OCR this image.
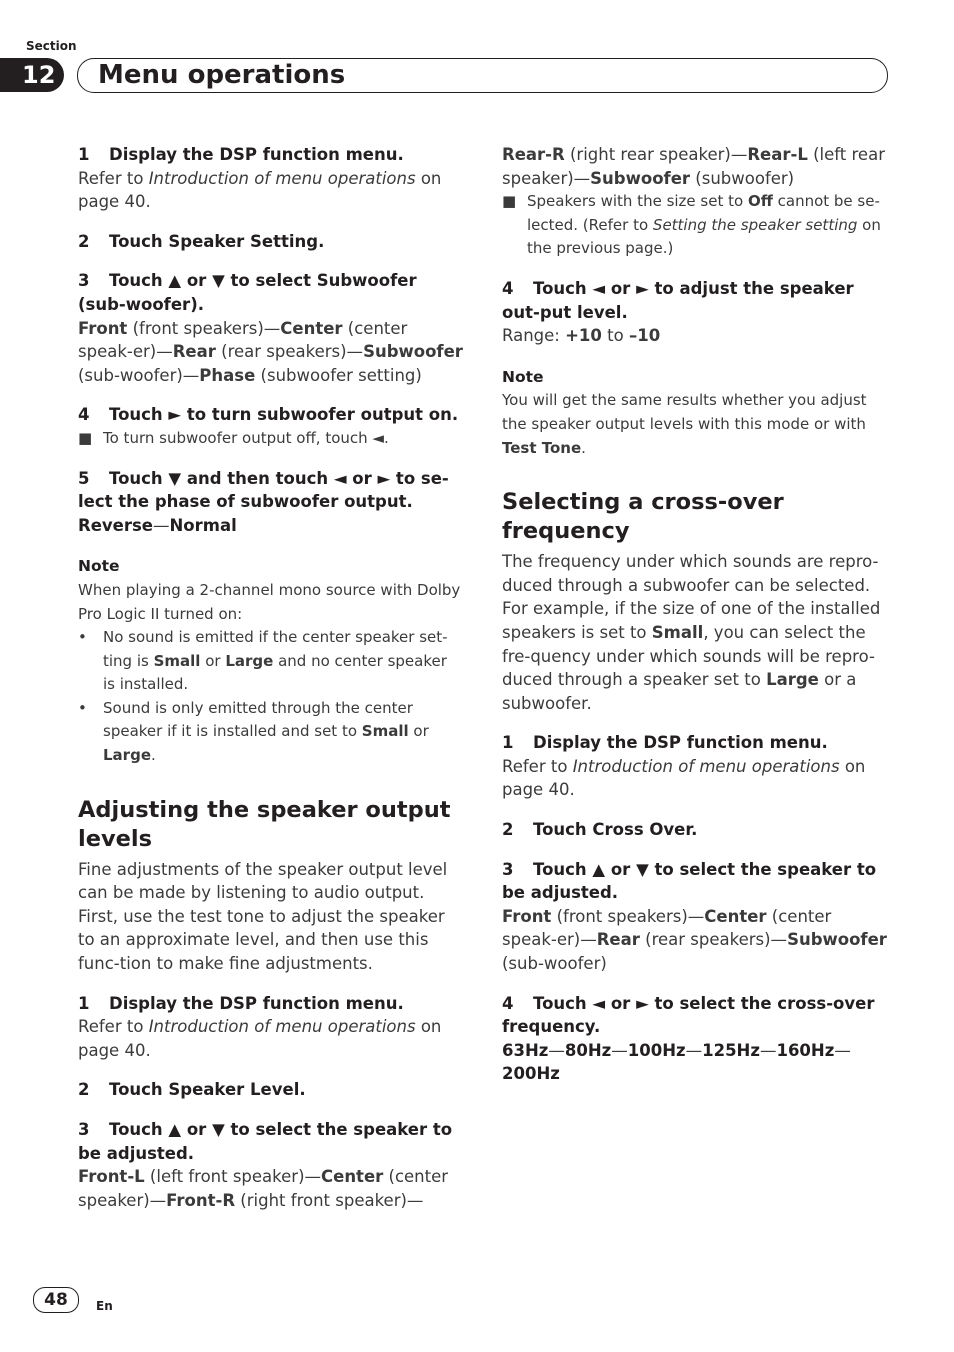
Section
12	Menu operations

1 Display the DSP function menu.

Refer to Introduction of menu operations on page 40.

2 Touch Speaker Setting.

3 Touch ▲ or ▼ to select Subwoofer (sub-woofer).

Front (front speakers)—Center (center speak-er)—Rear (rear speakers)—Subwoofer (sub-woofer)—Phase (subwoofer setting)

4 Touch ► to turn subwoofer output on.

■ To turn subwoofer output off, touch ◄.

5 Touch ▼ and then touch ◄ or ► to se-lect the phase of subwoofer output.

Reverse—Normal

Note

When playing a 2-channel mono source with Dolby Pro Logic II turned on:

• No sound is emitted if the center speaker set-ting is Small or Large and no center speaker is installed.

• Sound is only emitted through the center speaker if it is installed and set to Small or Large.

Adjusting the speaker output levels

Fine adjustments of the speaker output level can be made by listening to audio output. First, use the test tone to adjust the speaker to an approximate level, and then use this func-tion to make fine adjustments.

1 Display the DSP function menu.

Refer to Introduction of menu operations on page 40.

2 Touch Speaker Level.

3 Touch ▲ or ▼ to select the speaker to be adjusted.

Front-L (left front speaker)—Center (center speaker)—Front-R (right front speaker)—

Rear-R (right rear speaker)—Rear-L (left rear speaker)—Subwoofer (subwoofer)

■ Speakers with the size set to Off cannot be se-lected. (Refer to Setting the speaker setting on the previous page.)

4 Touch ◄ or ► to adjust the speaker out-put level.

Range: +10 to –10

Note

You will get the same results whether you adjust the speaker output levels with this mode or with Test Tone.

Selecting a cross-over frequency

The frequency under which sounds are repro-duced through a subwoofer can be selected. For example, if the size of one of the installed speakers is set to Small, you can select the fre-quency under which sounds will be repro-duced through a speaker set to Large or a subwoofer.

1 Display the DSP function menu.

Refer to Introduction of menu operations on page 40.

2 Touch Cross Over.

3 Touch ▲ or ▼ to select the speaker to be adjusted.

Front (front speakers)—Center (center speak-er)—Rear (rear speakers)—Subwoofer (sub-woofer)

4 Touch ◄ or ► to select the cross-over frequency.

63Hz—80Hz—100Hz—125Hz—160Hz—
200Hz

48	En
